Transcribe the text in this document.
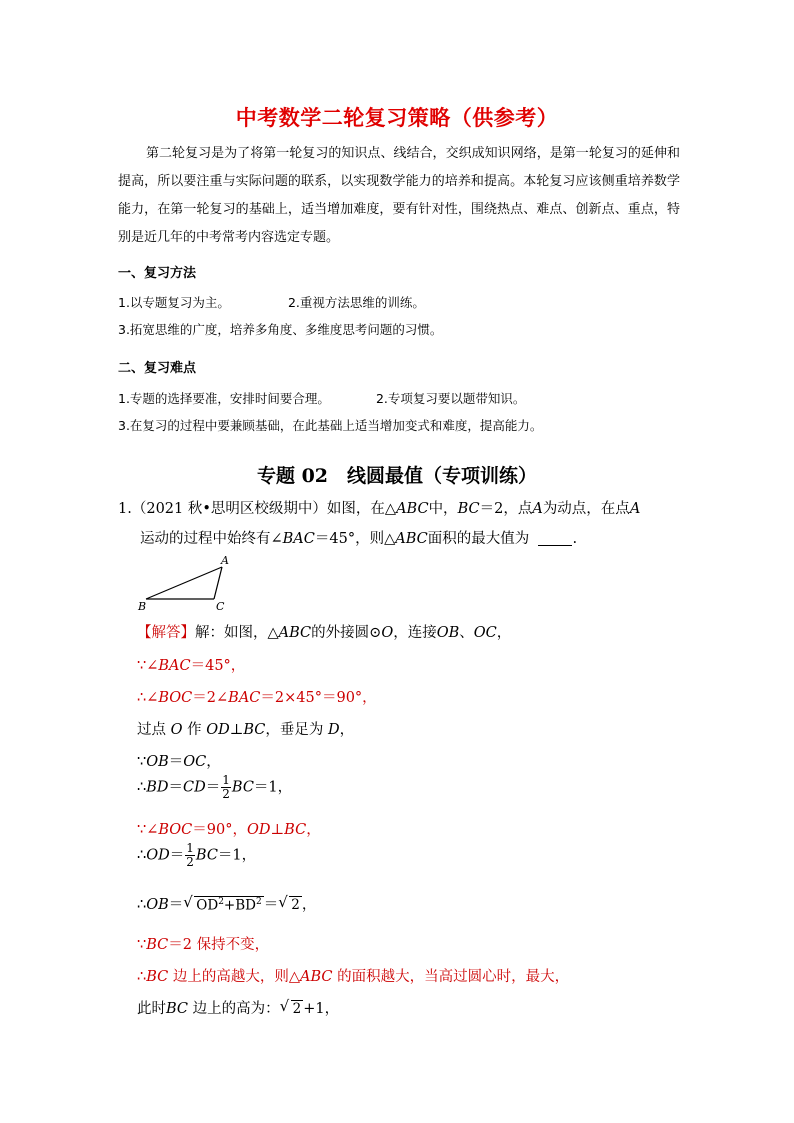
中考数学二轮复习策略（供参考）
第二轮复习是为了将第一轮复习的知识点、线结合，交织成知识网络，是第一轮复习的延伸和提高，所以要注重与实际问题的联系，以实现数学能力的培养和提高。本轮复习应该侧重培养数学能力，在第一轮复习的基础上，适当增加难度，要有针对性，围绕热点、难点、创新点、重点，特别是近几年的中考常考内容选定专题。
一、复习方法
1.以专题复习为主。	2.重视方法思维的训练。
3.拓宽思维的广度，培养多角度、多维度思考问题的习惯。
二、复习难点
1.专题的选择要准，安排时间要合理。	2.专项复习要以题带知识。
3.在复习的过程中要兼顾基础，在此基础上适当增加变式和难度，提高能力。
专题 02　线圆最值（专项训练）
1.（2021 秋•思明区校级期中）如图，在△ABC中，BC＝2，点A为动点，在点A
运动的过程中始终有∠BAC＝45°，则△ABC面积的最大值为	.
A
B	C
【解答】解：如图，△ABC的外接圆⊙O，连接OB、OC，
∵∠BAC＝45°，
∴∠BOC＝2∠BAC＝2×45°＝90°，
过点 O 作 OD⊥BC，垂足为 D，
∵OB＝OC，
∴BD＝CD＝ $\frac{1}{2} BC=1$，
∵∠BOC＝90°，OD⊥BC，
∴OD＝ $\frac{1}{2} BC=1$，
∴OB＝ √ $OD^2+BD^2$ ＝ √ 2 ，
∵BC＝2 保持不变，
∴BC 边上的高越大，则△ABC 的面积越大，当高过圆心时，最大，
此时BC 边上的高为： √ 2 +1，
